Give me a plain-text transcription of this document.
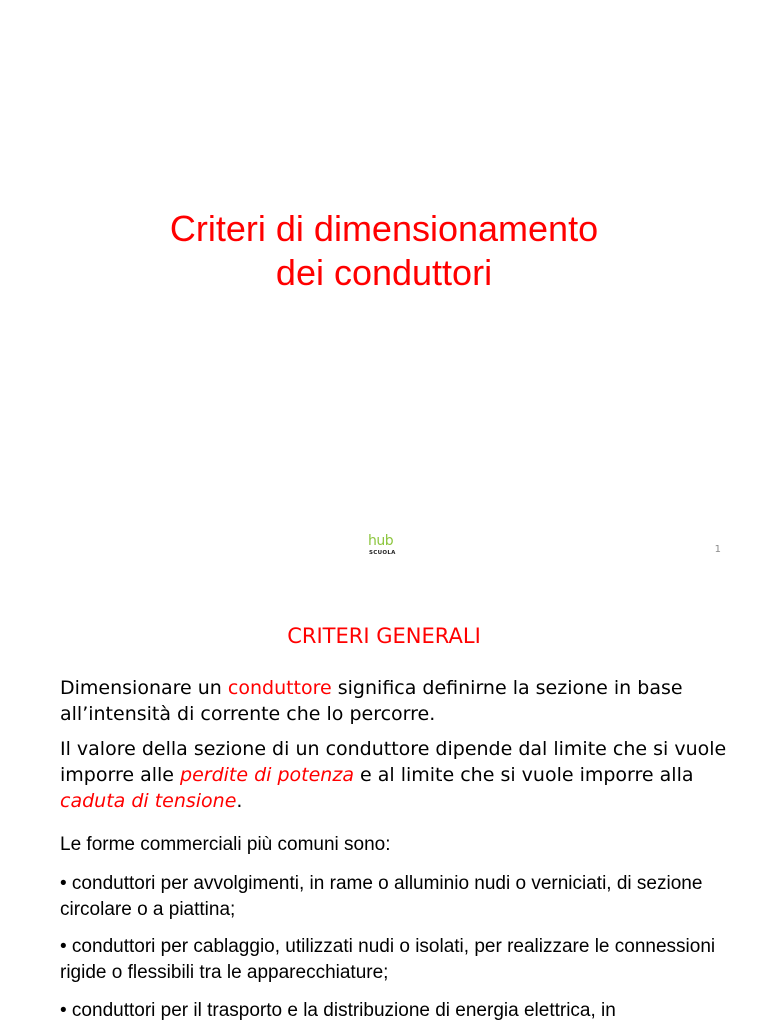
Criteri di dimensionamento
dei conduttori
hub
SCUOLA	1
CRITERI GENERALI
Dimensionare un conduttore significa definirne la sezione in base all’intensità di corrente che lo percorre.
Il valore della sezione di un conduttore dipende dal limite che si vuole imporre alle perdite di potenza e al limite che si vuole imporre alla caduta di tensione.
Le forme commerciali più comuni sono:
• conduttori per avvolgimenti, in rame o alluminio nudi o verniciati, di sezione circolare o a piattina;
• conduttori per cablaggio, utilizzati nudi o isolati, per realizzare le connessioni rigide o flessibili tra le apparecchiature;
• conduttori per il trasporto e la distribuzione di energia elettrica, in
